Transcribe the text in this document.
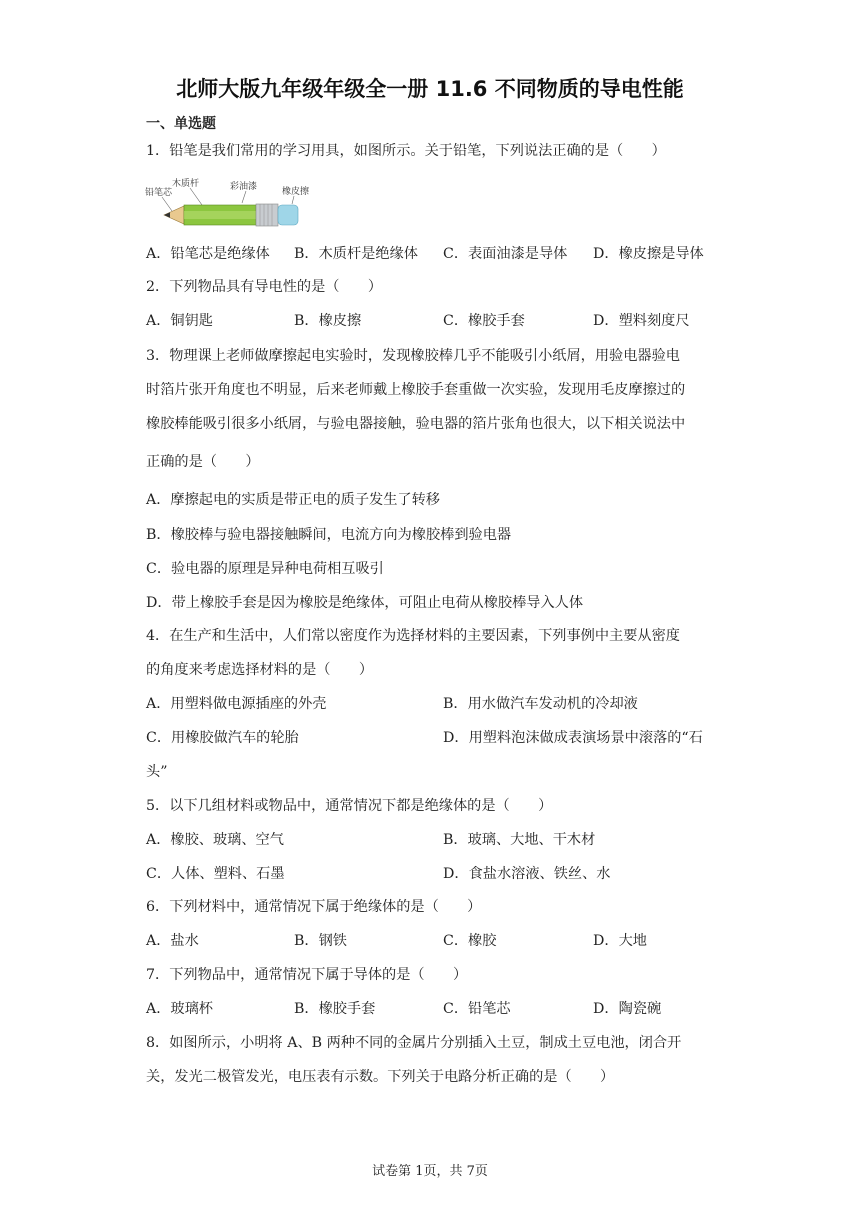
北师大版九年级年级全一册 11.6 不同物质的导电性能
一、单选题
1．铅笔是我们常用的学习用具，如图所示。关于铅笔，下列说法正确的是（　　）
铅笔芯
木质杆	彩油漆	橡皮擦
A．铅笔芯是绝缘体 B．木质杆是绝缘体 C．表面油漆是导体 D．橡皮擦是导体
2．下列物品具有导电性的是（　　）
A．铜钥匙	B．橡皮擦	C．橡胶手套	D．塑料刻度尺
3．物理课上老师做摩擦起电实验时，发现橡胶棒几乎不能吸引小纸屑，用验电器验电
时箔片张开角度也不明显，后来老师戴上橡胶手套重做一次实验，发现用毛皮摩擦过的
橡胶棒能吸引很多小纸屑，与验电器接触，验电器的箔片张角也很大，以下相关说法中
正确的是（　　）
A．摩擦起电的实质是带正电的质子发生了转移
B．橡胶棒与验电器接触瞬间，电流方向为橡胶棒到验电器
C．验电器的原理是异种电荷相互吸引
D．带上橡胶手套是因为橡胶是绝缘体，可阻止电荷从橡胶棒导入人体
4．在生产和生活中，人们常以密度作为选择材料的主要因素，下列事例中主要从密度
的角度来考虑选择材料的是（　　）
A．用塑料做电源插座的外壳	B．用水做汽车发动机的冷却液
C．用橡胶做汽车的轮胎	D．用塑料泡沫做成表演场景中滚落的“石
头”
5．以下几组材料或物品中，通常情况下都是绝缘体的是（　　）
A．橡胶、玻璃、空气	B．玻璃、大地、干木材
C．人体、塑料、石墨	D．食盐水溶液、铁丝、水
6．下列材料中，通常情况下属于绝缘体的是（　　）
A．盐水	B．钢铁	C．橡胶	D．大地
7．下列物品中，通常情况下属于导体的是（　　）
A．玻璃杯	B．橡胶手套	C．铅笔芯	D．陶瓷碗
8．如图所示，小明将 A、B 两种不同的金属片分别插入土豆，制成土豆电池，闭合开
关，发光二极管发光，电压表有示数。下列关于电路分析正确的是（　　）
试卷第 1页，共 7页
